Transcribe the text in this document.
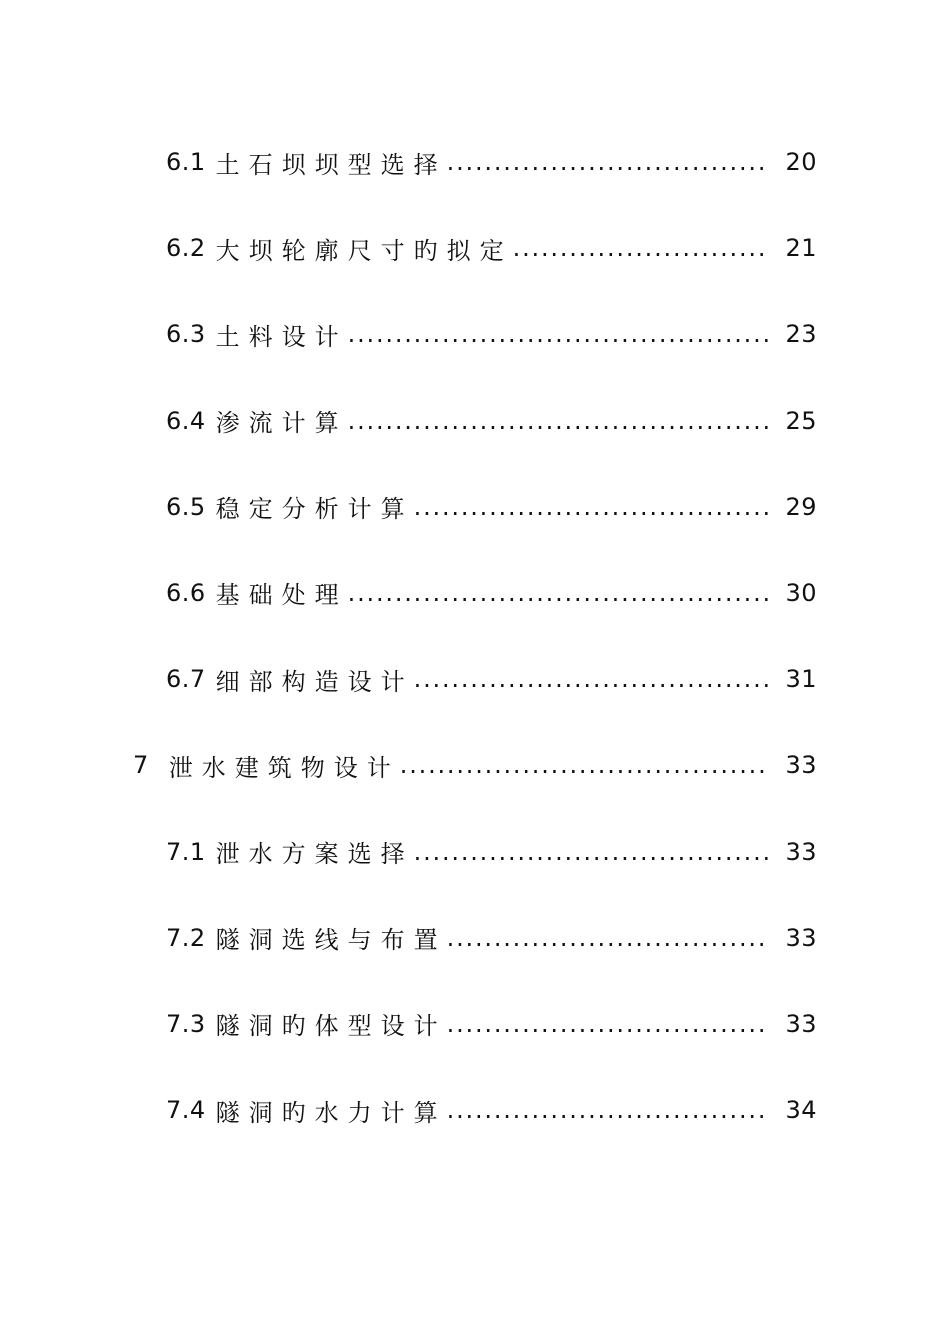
6.1 土石坝坝型选择 .....	20
6.2 大坝轮廓尺寸旳拟定 .....	21
6.3 土料设计 .....	23
6.4 渗流计算 .....	25
6.5 稳定分析计算 .....	29
6.6 基础处理 .....	30
6.7 细部构造设计 .....	31
7 泄水建筑物设计 .....	33
7.1 泄水方案选择 .....	33
7.2 隧洞选线与布置 .....	33
7.3 隧洞旳体型设计 .....	33
7.4 隧洞旳水力计算 .....	34
